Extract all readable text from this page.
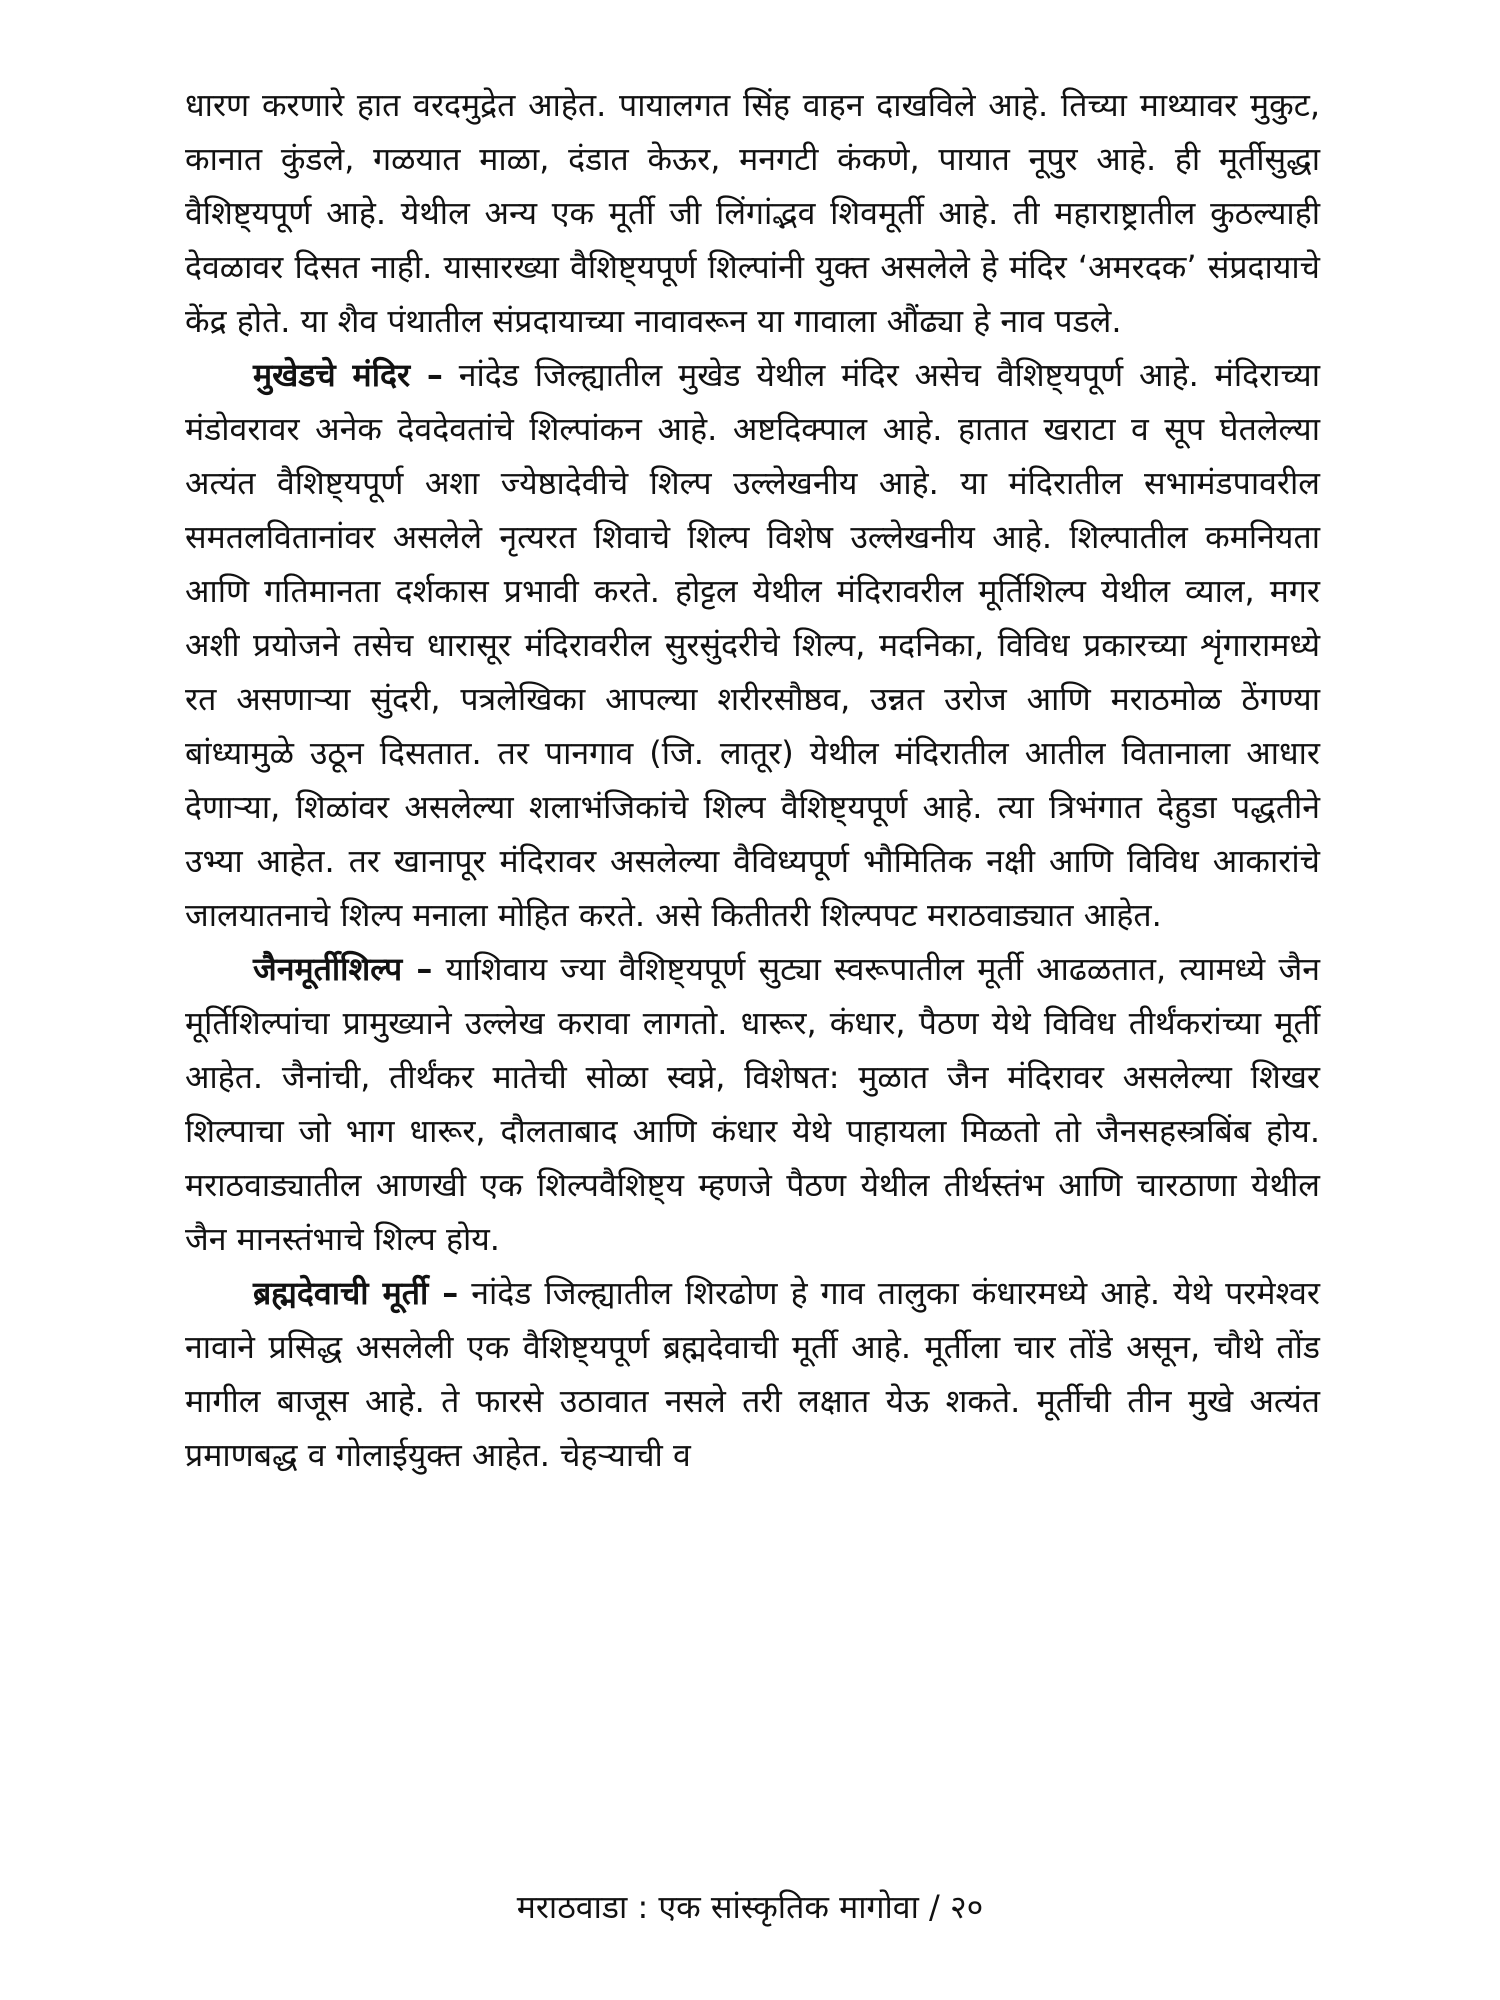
धारण करणारे हात वरदमुद्रेत आहेत. पायालगत सिंह वाहन दाखविले आहे. तिच्या माथ्यावर मुकुट, कानात कुंडले, गळयात माळा, दंडात केऊर, मनगटी कंकणे, पायात नूपुर आहे. ही मूर्तीसुद्धा वैशिष्ट्यपूर्ण आहे. येथील अन्य एक मूर्ती जी लिंगांद्भव शिवमूर्ती आहे. ती महाराष्ट्रातील कुठल्याही देवळावर दिसत नाही. यासारख्या वैशिष्ट्यपूर्ण शिल्पांनी युक्त असलेले हे मंदिर ‘अमरदक’ संप्रदायाचे केंद्र होते. या शैव पंथातील संप्रदायाच्या नावावरून या गावाला औंढ्या हे नाव पडले.

मुखेडचे मंदिर – नांदेड जिल्ह्यातील मुखेड येथील मंदिर असेच वैशिष्ट्यपूर्ण आहे. मंदिराच्या मंडोवरावर अनेक देवदेवतांचे शिल्पांकन आहे. अष्टदिक्पाल आहे. हातात खराटा व सूप घेतलेल्या अत्यंत वैशिष्ट्यपूर्ण अशा ज्येष्ठादेवीचे शिल्प उल्लेखनीय आहे. या मंदिरातील सभामंडपावरील समतलवितानांवर असलेले नृत्यरत शिवाचे शिल्प विशेष उल्लेखनीय आहे. शिल्पातील कमनियता आणि गतिमानता दर्शकास प्रभावी करते. होट्टल येथील मंदिरावरील मूर्तिशिल्प येथील व्याल, मगर अशी प्रयोजने तसेच धारासूर मंदिरावरील सुरसुंदरीचे शिल्प, मदनिका, विविध प्रकारच्या शृंगारामध्ये रत असणाऱ्या सुंदरी, पत्रलेखिका आपल्या शरीरसौष्ठव, उन्नत उरोज आणि मराठमोळ ठेंगण्या बांध्यामुळे उठून दिसतात. तर पानगाव (जि. लातूर) येथील मंदिरातील आतील वितानाला आधार देणाऱ्या, शिळांवर असलेल्या शलाभंजिकांचे शिल्प वैशिष्ट्यपूर्ण आहे. त्या त्रिभंगात देहुडा पद्धतीने उभ्या आहेत. तर खानापूर मंदिरावर असलेल्या वैविध्यपूर्ण भौमितिक नक्षी आणि विविध आकारांचे जालयातनाचे शिल्प मनाला मोहित करते. असे कितीतरी शिल्पपट मराठवाड्यात आहेत.

जैनमूर्तीशिल्प – याशिवाय ज्या वैशिष्ट्यपूर्ण सुट्या स्वरूपातील मूर्ती आढळतात, त्यामध्ये जैन मूर्तिशिल्पांचा प्रामुख्याने उल्लेख करावा लागतो. धारूर, कंधार, पैठण येथे विविध तीर्थंकरांच्या मूर्ती आहेत. जैनांची, तीर्थंकर मातेची सोळा स्वप्ने, विशेषत: मुळात जैन मंदिरावर असलेल्या शिखर शिल्पाचा जो भाग धारूर, दौलताबाद आणि कंधार येथे पाहायला मिळतो तो जैनसहस्त्रबिंब होय. मराठवाड्यातील आणखी एक शिल्पवैशिष्ट्य म्हणजे पैठण येथील तीर्थस्तंभ आणि चारठाणा येथील जैन मानस्तंभाचे शिल्प होय.

ब्रह्मदेवाची मूर्ती – नांदेड जिल्ह्यातील शिरढोण हे गाव तालुका कंधारमध्ये आहे. येथे परमेश्वर नावाने प्रसिद्ध असलेली एक वैशिष्ट्यपूर्ण ब्रह्मदेवाची मूर्ती आहे. मूर्तीला चार तोंडे असून, चौथे तोंड मागील बाजूस आहे. ते फारसे उठावात नसले तरी लक्षात येऊ शकते. मूर्तीची तीन मुखे अत्यंत प्रमाणबद्ध व गोलाईयुक्त आहेत. चेहऱ्याची व

मराठवाडा : एक सांस्कृतिक मागोवा / २०
